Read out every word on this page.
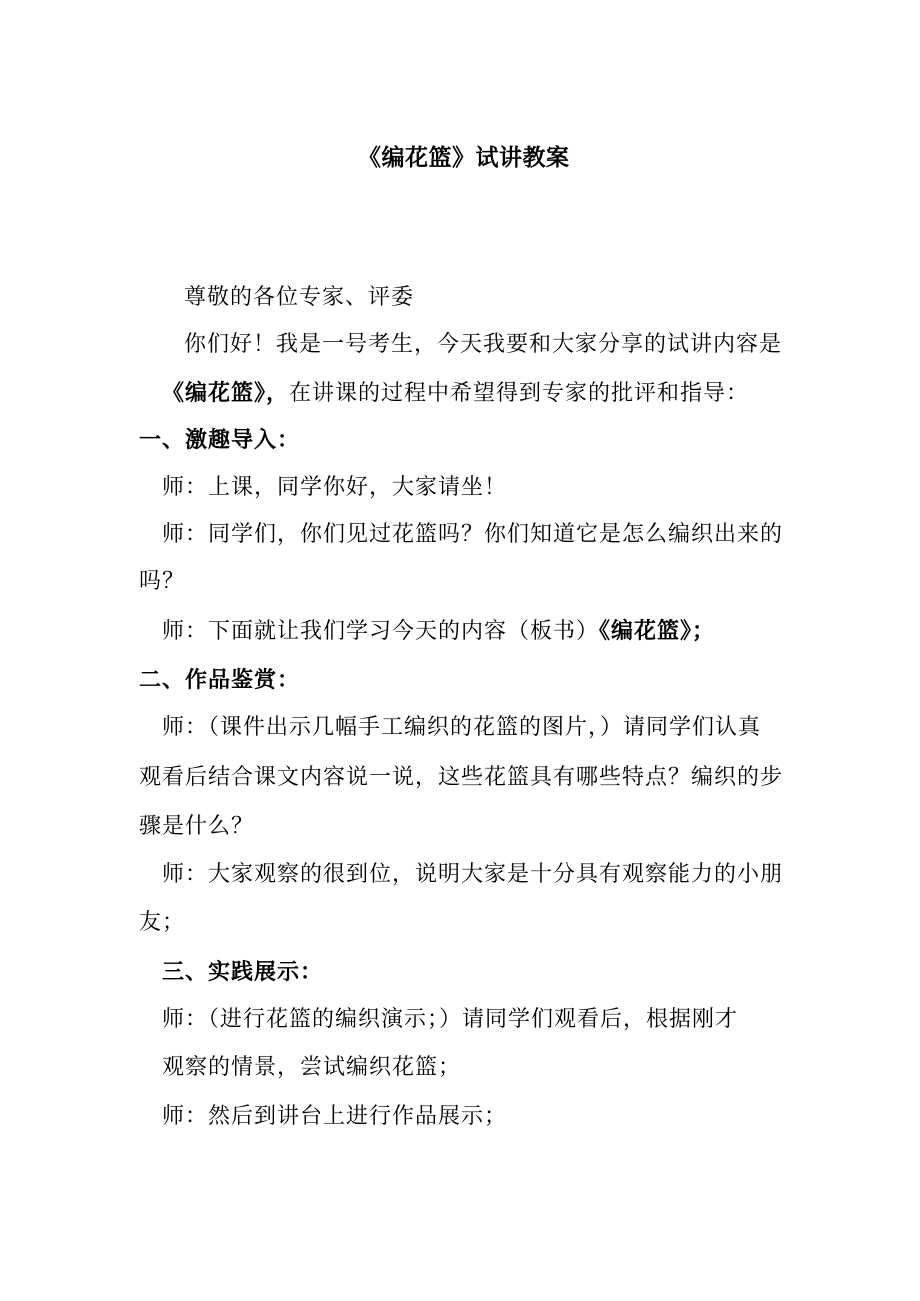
《编花篮》试讲教案
尊敬的各位专家、评委
你们好！我是一号考生，今天我要和大家分享的试讲内容是
《编花篮》，在讲课的过程中希望得到专家的批评和指导：
一、激趣导入：
师：上课，同学你好，大家请坐！
师：同学们，你们见过花篮吗？你们知道它是怎么编织出来的
吗？
师：下面就让我们学习今天的内容（板书）《编花篮》；
二、作品鉴赏：
师：（课件出示几幅手工编织的花篮的图片，）请同学们认真
观看后结合课文内容说一说，这些花篮具有哪些特点？编织的步
骤是什么？
师：大家观察的很到位，说明大家是十分具有观察能力的小朋
友；
三、实践展示：
师：（进行花篮的编织演示；）请同学们观看后，根据刚才
观察的情景，尝试编织花篮；
师：然后到讲台上进行作品展示；
